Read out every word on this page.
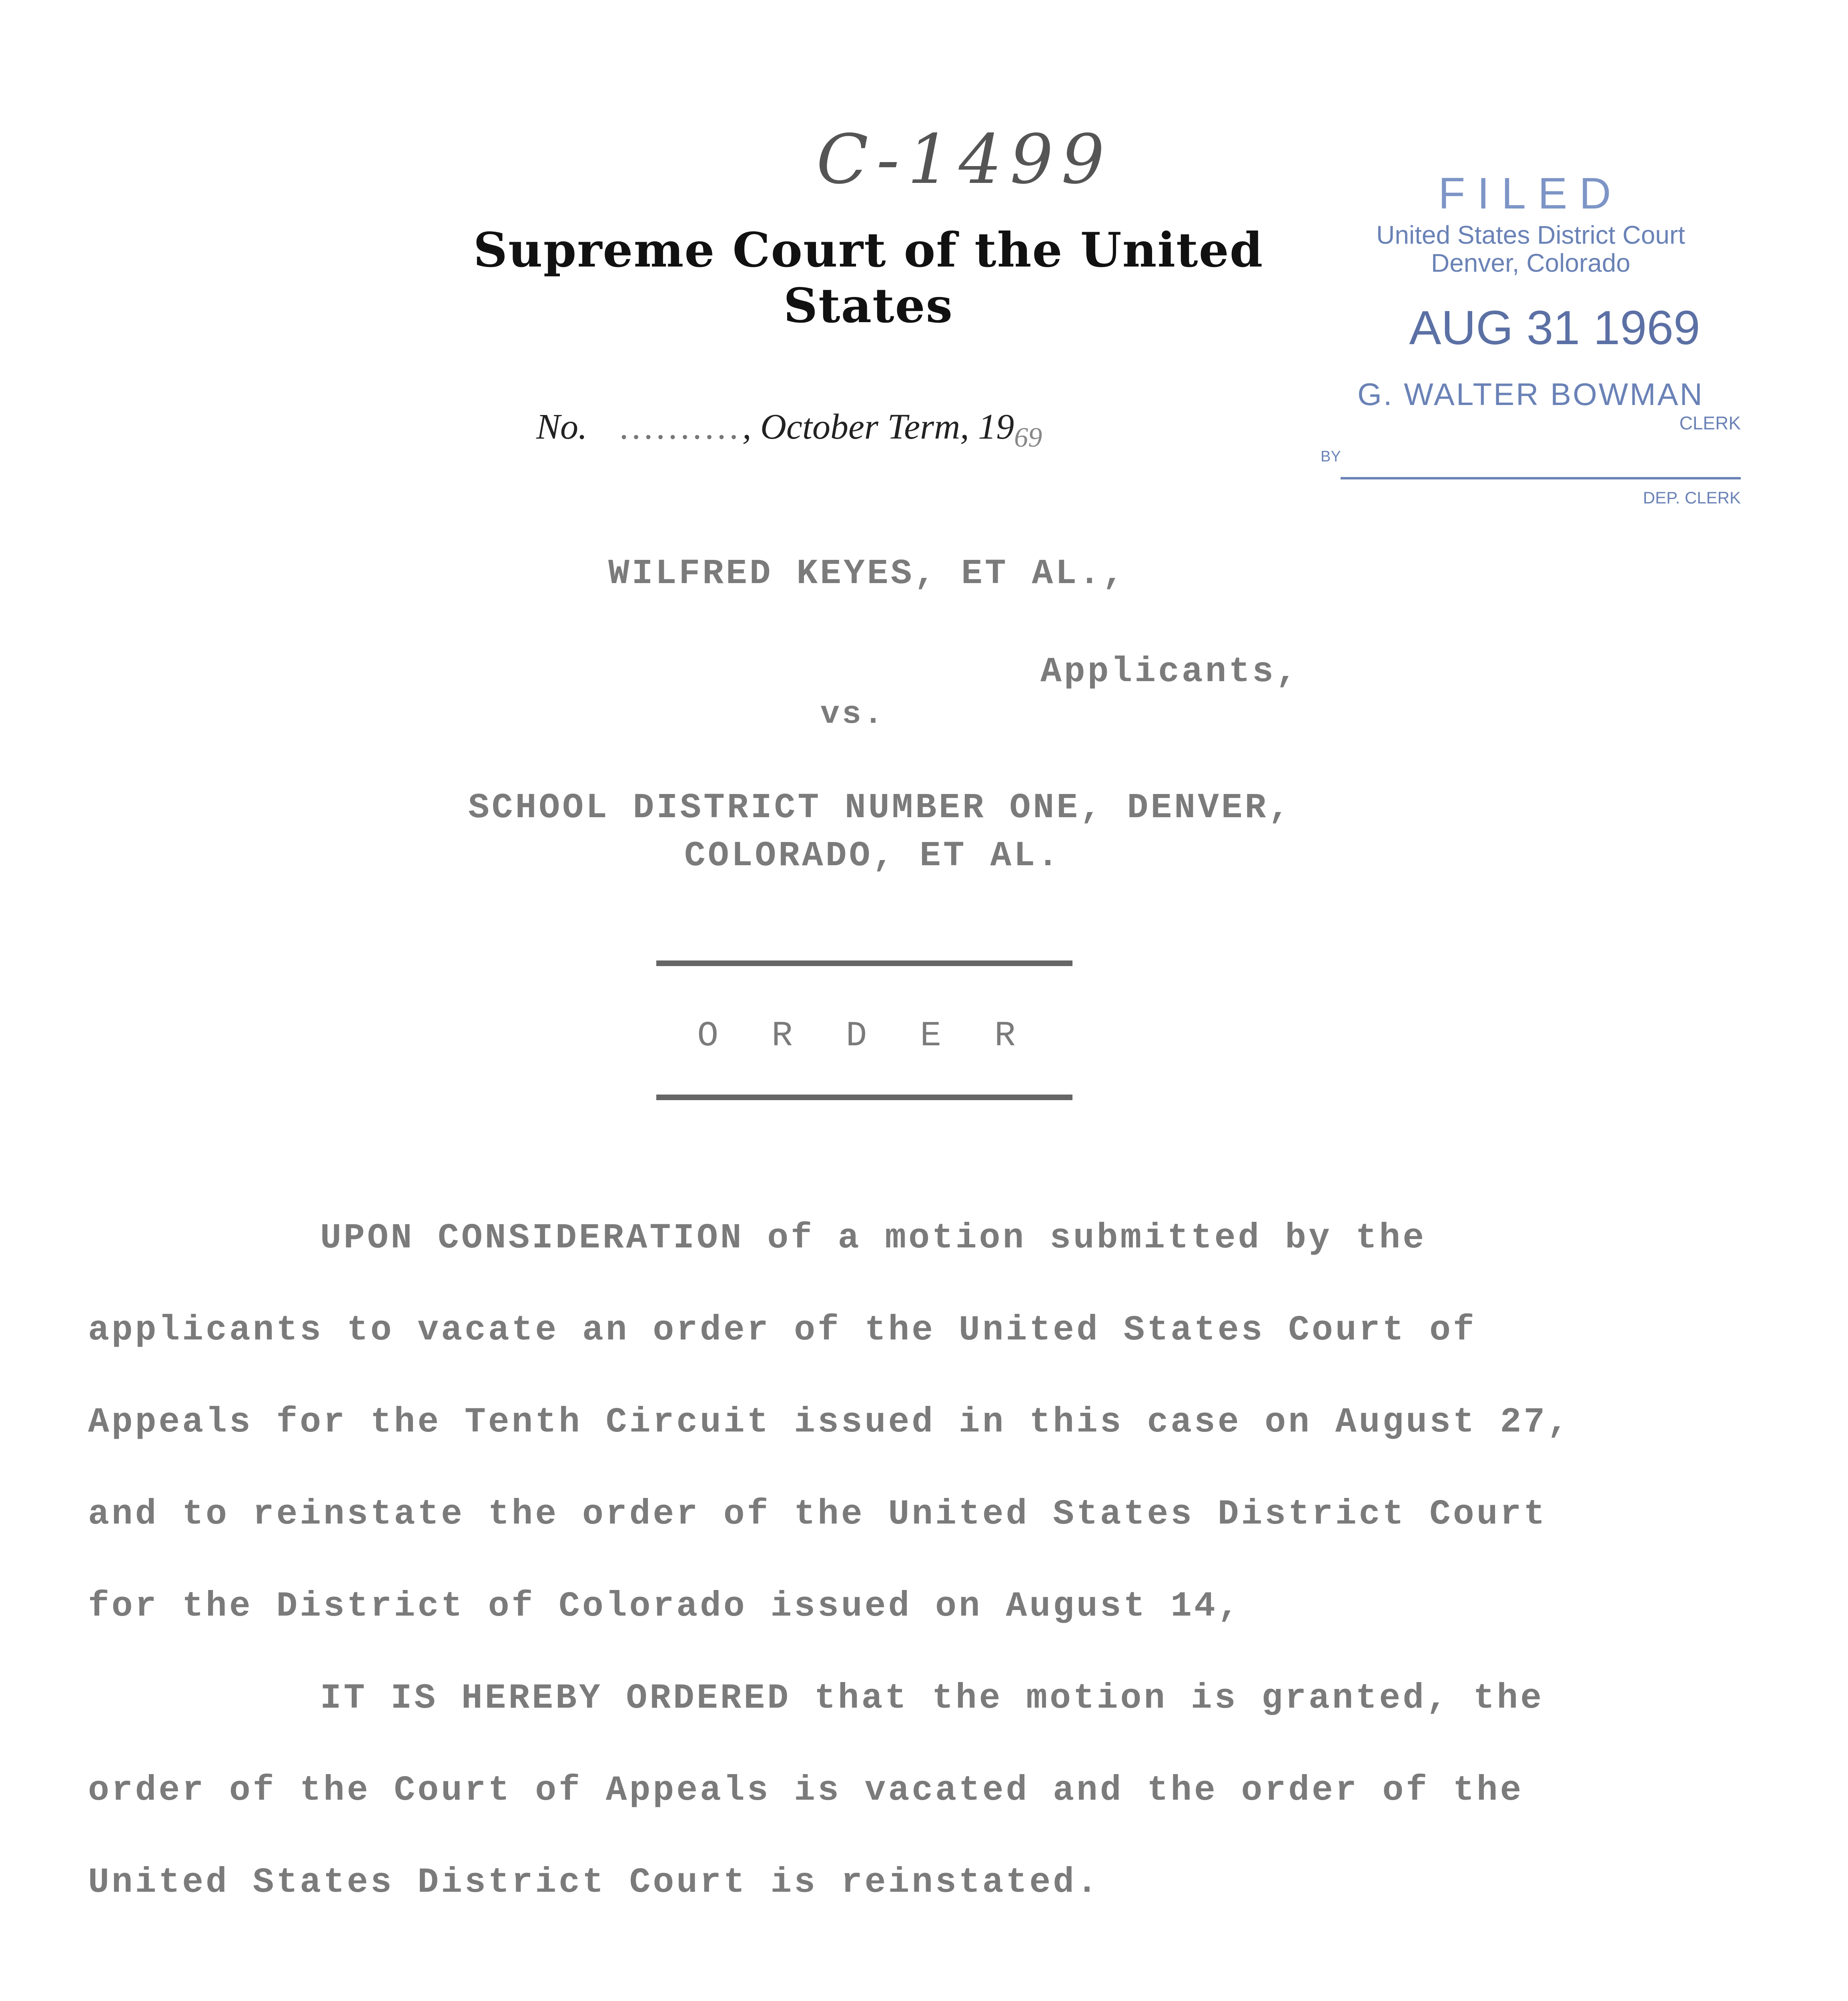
C-1499
Supreme Court of the United States
FILED
United States District Court
Denver, Colorado
AUG 31 1969
G. WALTER BOWMAN
CLERK
BY
DEP. CLERK
No. .........., October Term, $19_{69}$
WILFRED KEYES, ET AL.,
Applicants,
vs.
SCHOOL DISTRICT NUMBER ONE, DENVER,
COLORADO, ET AL.
O R D E R
UPON CONSIDERATION of a motion submitted by the
applicants to vacate an order of the United States Court of
Appeals for the Tenth Circuit issued in this case on August 27,
and to reinstate the order of the United States District Court
for the District of Colorado issued on August 14,
IT IS HEREBY ORDERED that the motion is granted, the
order of the Court of Appeals is vacated and the order of the
United States District Court is reinstated.
